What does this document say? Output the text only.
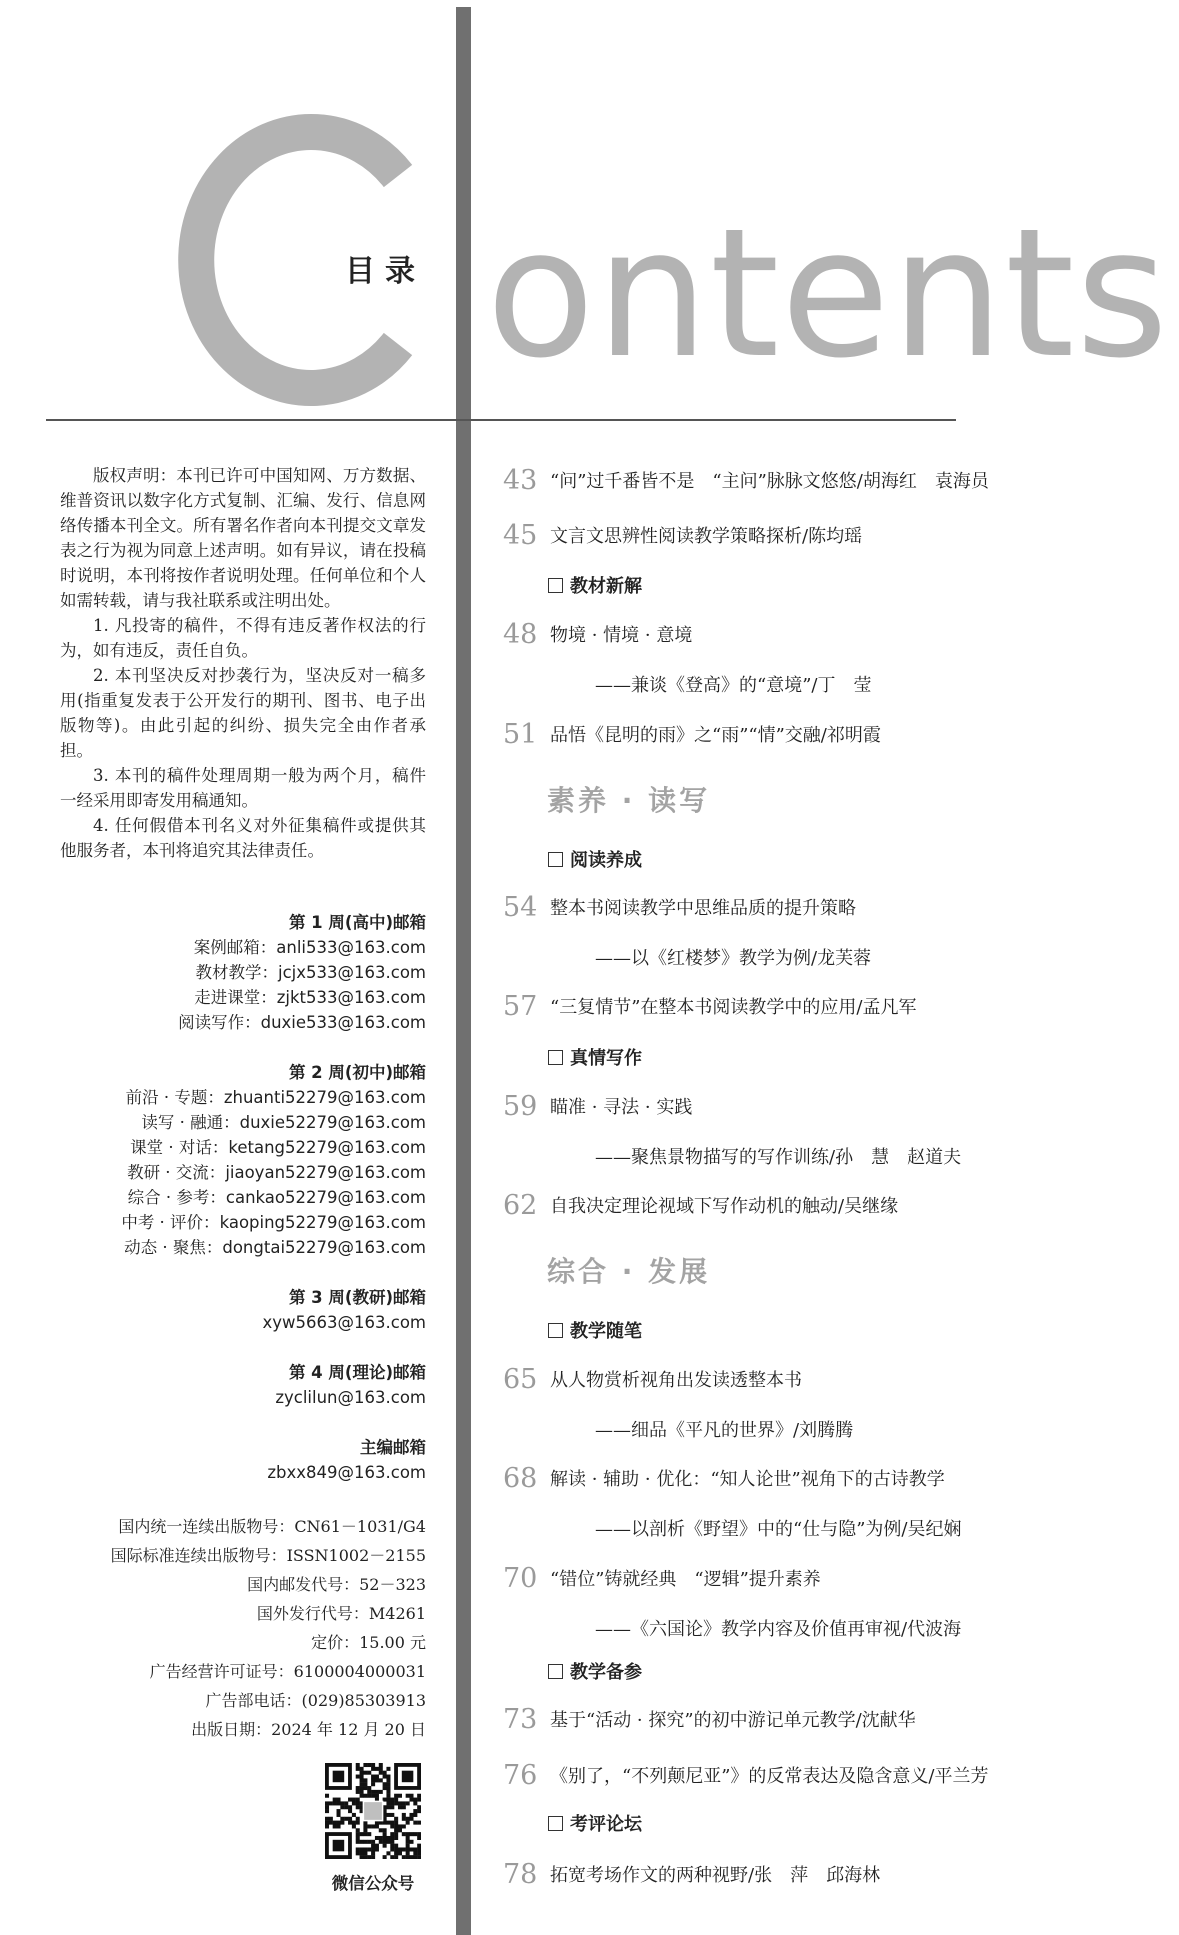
目录 ontents

版权声明：本刊已许可中国知网、万方数据、维普资讯以数字化方式复制、汇编、发行、信息网络传播本刊全文。所有署名作者向本刊提交文章发表之行为视为同意上述声明。如有异议，请在投稿时说明，本刊将按作者说明处理。任何单位和个人如需转载，请与我社联系或注明出处。

1. 凡投寄的稿件，不得有违反著作权法的行为，如有违反，责任自负。

2. 本刊坚决反对抄袭行为，坚决反对一稿多用(指重复发表于公开发行的期刊、图书、电子出版物等)。由此引起的纠纷、损失完全由作者承担。

3. 本刊的稿件处理周期一般为两个月，稿件一经采用即寄发用稿通知。

4. 任何假借本刊名义对外征集稿件或提供其他服务者，本刊将追究其法律责任。

第 1 周(高中)邮箱
案例邮箱：anli533@163.com
教材教学：jcjx533@163.com
走进课堂：zjkt533@163.com
阅读写作：duxie533@163.com
第 2 周(初中)邮箱
前沿 · 专题：zhuanti52279@163.com
读写 · 融通：duxie52279@163.com
课堂 · 对话：ketang52279@163.com
教研 · 交流：jiaoyan52279@163.com
综合 · 参考：cankao52279@163.com
中考 · 评价：kaoping52279@163.com
动态 · 聚焦：dongtai52279@163.com
第 3 周(教研)邮箱
xyw5663@163.com
第 4 周(理论)邮箱
zyclilun@163.com
主编邮箱
zbxx849@163.com
国内统一连续出版物号：CN61－1031/G4
国际标准连续出版物号：ISSN1002－2155
国内邮发代号：52－323
国外发行代号：M4261
定价：15.00 元
广告经营许可证号：6100004000031
广告部电话：(029)85303913
出版日期：2024 年 12 月 20 日
微信公众号
43 “问”过千番皆不是　“主问”脉脉文悠悠/胡海红　袁海员
45 文言文思辨性阅读教学策略探析/陈均瑶
教材新解
48 物境 · 情境 · 意境
——兼谈《登高》的“意境”/丁　莹
51 品悟《昆明的雨》之“雨”“情”交融/祁明霞
素养 · 读写
阅读养成
54 整本书阅读教学中思维品质的提升策略
——以《红楼梦》教学为例/龙芙蓉
57 “三复情节”在整本书阅读教学中的应用/孟凡军
真情写作
59 瞄准 · 寻法 · 实践
——聚焦景物描写的写作训练/孙　慧　赵道夫
62 自我决定理论视域下写作动机的触动/吴继缘
综合 · 发展
教学随笔
65 从人物赏析视角出发读透整本书
——细品《平凡的世界》/刘腾腾
68 解读 · 辅助 · 优化：“知人论世”视角下的古诗教学
——以剖析《野望》中的“仕与隐”为例/吴纪娴
70 “错位”铸就经典　“逻辑”提升素养
——《六国论》教学内容及价值再审视/代波海
教学备参
73 基于“活动 · 探究”的初中游记单元教学/沈献华
76 《别了，“不列颠尼亚”》的反常表达及隐含意义/平兰芳
考评论坛
78 拓宽考场作文的两种视野/张　萍　邱海林
